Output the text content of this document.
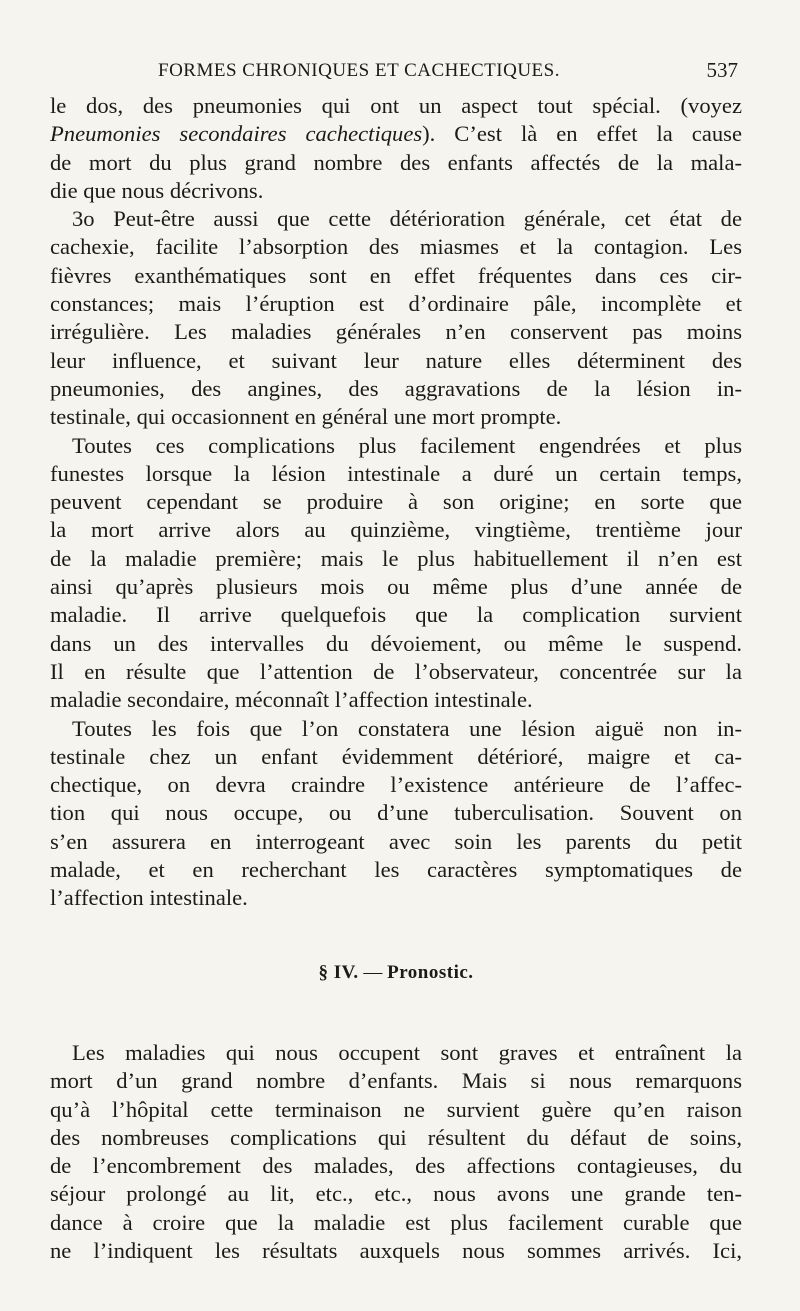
FORMES CHRONIQUES ET CACHECTIQUES.	537
le dos, des pneumonies qui ont un aspect tout spécial. (voyez
Pneumonies secondaires cachectiques). C’est là en effet la cause
de mort du plus grand nombre des enfants affectés de la mala-
die que nous décrivons.
3o Peut-être aussi que cette détérioration générale, cet état de
cachexie, facilite l’absorption des miasmes et la contagion. Les
fièvres exanthématiques sont en effet fréquentes dans ces cir-
constances; mais l’éruption est d’ordinaire pâle, incomplète et
irrégulière. Les maladies générales n’en conservent pas moins
leur influence, et suivant leur nature elles déterminent des
pneumonies, des angines, des aggravations de la lésion in-
testinale, qui occasionnent en général une mort prompte.
Toutes ces complications plus facilement engendrées et plus
funestes lorsque la lésion intestinale a duré un certain temps,
peuvent cependant se produire à son origine; en sorte que
la mort arrive alors au quinzième, vingtième, trentième jour
de la maladie première; mais le plus habituellement il n’en est
ainsi qu’après plusieurs mois ou même plus d’une année de
maladie. Il arrive quelquefois que la complication survient
dans un des intervalles du dévoiement, ou même le suspend.
Il en résulte que l’attention de l’observateur, concentrée sur la
maladie secondaire, méconnaît l’affection intestinale.
Toutes les fois que l’on constatera une lésion aiguë non in-
testinale chez un enfant évidemment détérioré, maigre et ca-
chectique, on devra craindre l’existence antérieure de l’affec-
tion qui nous occupe, ou d’une tuberculisation. Souvent on
s’en assurera en interrogeant avec soin les parents du petit
malade, et en recherchant les caractères symptomatiques de
l’affection intestinale.
§ IV. — Pronostic.
Les maladies qui nous occupent sont graves et entraînent la
mort d’un grand nombre d’enfants. Mais si nous remarquons
qu’à l’hôpital cette terminaison ne survient guère qu’en raison
des nombreuses complications qui résultent du défaut de soins,
de l’encombrement des malades, des affections contagieuses, du
séjour prolongé au lit, etc., etc., nous avons une grande ten-
dance à croire que la maladie est plus facilement curable que
ne l’indiquent les résultats auxquels nous sommes arrivés. Ici,
